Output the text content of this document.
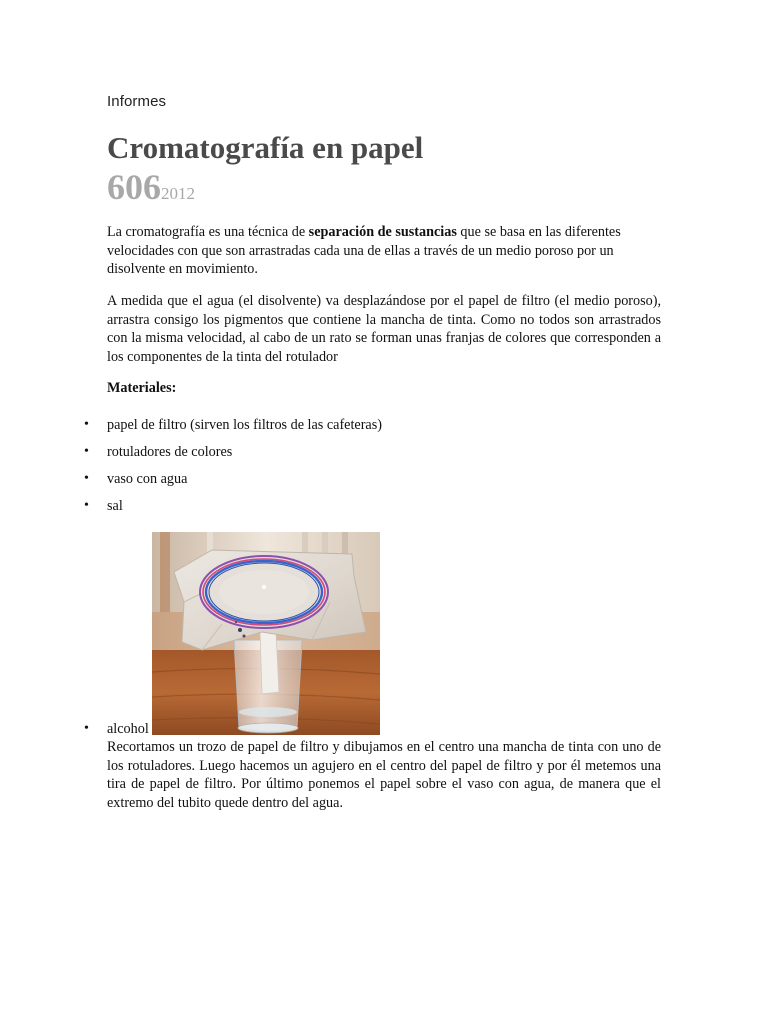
Informes
Cromatografía en papel
6062012

La cromatografía es una técnica de separación de sustancias que se basa en las diferentes velocidades con que son arrastradas cada una de ellas a través de un medio poroso por un disolvente en movimiento.

A medida que el agua (el disolvente) va desplazándose por el papel de filtro (el medio poroso), arrastra consigo los pigmentos que contiene la mancha de tinta. Como no todos son arrastrados con la misma velocidad, al cabo de un rato se forman unas franjas de colores que corresponden a los componentes de la tinta del rotulador

Materiales:

• papel de filtro (sirven los filtros de las cafeteras)
• rotuladores de colores
• vaso con agua
• sal
• alcohol

Recortamos un trozo de papel de filtro y dibujamos en el centro una mancha de tinta con uno de los rotuladores. Luego hacemos un agujero en el centro del papel de filtro y por él metemos una tira de papel de filtro. Por último ponemos el papel sobre el vaso con agua, de manera que el extremo del tubito quede dentro del agua.
